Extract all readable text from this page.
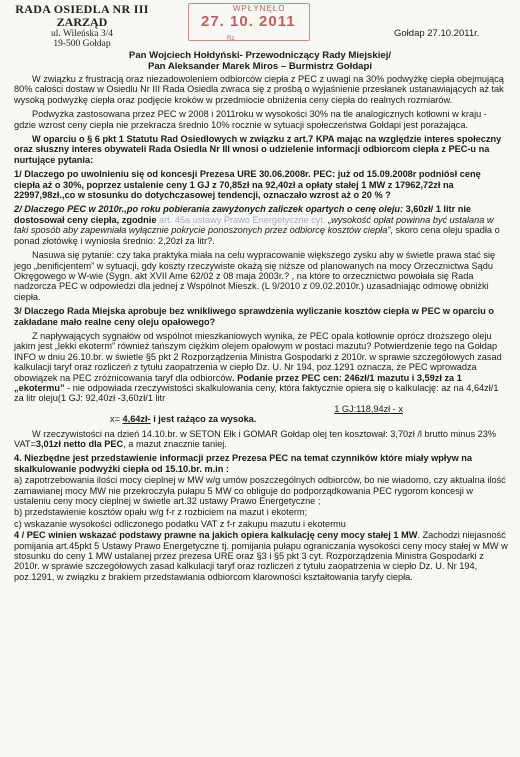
RADA OSIEDLA NR III
ZARZĄD
ul. Wileńska 3/4
19-500 Gołdap
WPŁYNĘŁO
27. 10. 2011
Rz.	Gołdap 27.10.2011r.
Pan Wojciech Hołdyński- Przewodniczący Rady Miejskiej/
Pan Aleksander Marek Miros – Burmistrz Gołdapi

W związku z frustracją oraz niezadowoleniem odbiorców ciepła z PEC z uwagi na 30% podwyżkę ciepła obejmującą 80% całości dostaw w Osiedlu Nr III Rada Osiedla zwraca się z prośbą o wyjaśnienie przesłanek ustanawiających aż tak wysoką podwyżkę ciepła oraz podjęcie kroków w przedmiocie obniżenia ceny ciepła do realnych rozmiarów.

Podwyżka zastosowana przez PEC w 2008 i 2011roku w wysokości 30% na tle analogicznych kotłowni w kraju - gdzie wzrost ceny ciepła nie przekracza średnio 10% rocznie w sytuacji społeczeństwa Gołdapi jest porażająca.

W oparciu o § 6 pkt 1 Statutu Rad Osiedlowych w związku z art.7 KPA mając na względzie interes społeczny oraz słuszny interes obywateli Rada Osiedla Nr III wnosi o udzielenie informacji odbiorcom ciepła z PEC-u na nurtujące pytania:

1/ Dlaczego po uwolnieniu się od koncesji Prezesa URE 30.06.2008r. PEC: już od 15.09.2008r podniósł cenę ciepła aż o 30%, poprzez ustalenie ceny 1 GJ z 70,85zł na 92,40zł a opłaty stałej 1 MW z 17962,72zł na 22997,98zł.,co w stosunku do dotychczasowej tendencji, oznaczało wzrost aż o 20 % ?

2/ Dlaczego PEC w 2010r.,po roku pobierania zawyżonych zaliczek opartych o cenę oleju: 3,60zł/ 1 litr nie dostosował ceny ciepła, zgodnie art. 45a ustawy Prawo Energetyczne cyt. „wysokość opłat powinna być ustalana w taki sposób aby zapewniała wyłącznie pokrycie ponoszonych przez odbiorcę kosztów ciepła”, skoro cena oleju spadła o ponad złotówkę i wyniosła średnio: 2,20zł za litr?.

Nasuwa się pytanie: czy taka praktyka miała na celu wypracowanie większego zysku aby w świetle prawa stać się jego „benificjentem” w sytuacji, gdy koszty rzeczywiste okażą się niższe od planowanych na mocy Orzecznictwa Sądu Okręgowego w W-wie (Sygn. akt XVII Ame 62/02 z 08 maja 2003r.? , na które to orzecznictwo powołała się Rada nadzorcza PEC w odpowiedzi dla jednej z Wspólnot Mieszk. (L 9/2010 z 09.02.2010r.) uzasadniając odmowę obniżki ciepła.

3/ Dlaczego Rada Miejska aprobuje bez wnikliwego sprawdzenia wyliczanie kosztów ciepła w PEC w oparciu o zakładane mało realne ceny oleju opałowego?

Z napływających sygnałów od wspólnot mieszkaniowych wynika, że PEC opala kotłownie oprócz droższego oleju jakim jest „lekki ekoterm” również tańszym ciężkim olejem opałowym w postaci mazutu? Potwierdzenie tego na Gołdap INFO w dniu 26.10.br. w świetle §5 pkt 2 Rozporządzenia Ministra Gospodarki z 2010r. w sprawie szczegółowych zasad kalkulacji taryf oraz rozliczeń z tytułu zaopatrzenia w ciepło Dz. U. Nr 194, poz.1291 oznacza, że PEC wprowadza obowiązek na PEC zróżnicowania taryf dla odbiorców. Podanie przez PEC cen: 246zł/1 mazutu i 3,59zł za 1 „ekotermu” - nie odpowiada rzeczywistości skalkulowania ceny, która faktycznie opiera się o kalkulację: az na 4,64zł/1 za litr oleju(1 GJ: 92,40zł -3,60zł/1 litr

1 GJ:118,94zł - x

x= 4,64zł- i jest rażąco za wysoka.

W rzeczywistości na dzień 14.10.br. w SETON Ełk i GOMAR Gołdap olej ten kosztował: 3,70zł /l brutto minus 23% VAT=3,01zł netto dla PEC, a mazut znacznie taniej.

4. Niezbędne jest przedstawienie informacji przez Prezesa PEC na temat czynników które miały wpływ na skalkulowanie podwyżki ciepła od 15.10.br. m.in :

a) zapotrzebowania ilości mocy cieplnej w MW w/g umów poszczególnych odbiorców, bo nie wiadomo, czy aktualna ilość zamawianej mocy MW nie przekroczyła pułapu 5 MW co obliguje do podporządkowania PEC rygorom koncesji w ustaleniu ceny mocy cieplnej w świetle art.32 ustawy Prawo Energetyczne ;

b) przedstawienie kosztów opału w/g f-r z rozbiciem na mazut i ekoterm;

c) wskazanie wysokości odliczonego podatku VAT z f-r zakupu mazutu i ekotermu

4 / PEC winien wskazać podstawy prawne na jakich opiera kalkulację ceny mocy stałej 1 MW. Zachodzi niejasność pomijania art.45pkt 5 Ustawy Prawo Energetyczne tj. pomijania pułapu ograniczania wysokości ceny mocy stałej w MW w stosunku do ceny 1 MW ustalanej przez prezesa URE oraz §3 i §5 pkt 3 cyt. Rozporządzenia Ministra Gospodarki z 2010r. w sprawie szczegółowych zasad kalkulacji taryf oraz rozliczeń z tytułu zaopatrzenia w ciepło Dz. U. Nr 194, poz.1291, w związku z brakiem przedstawiania odbiorcom klarowności kształtowania taryfy ciepła.
